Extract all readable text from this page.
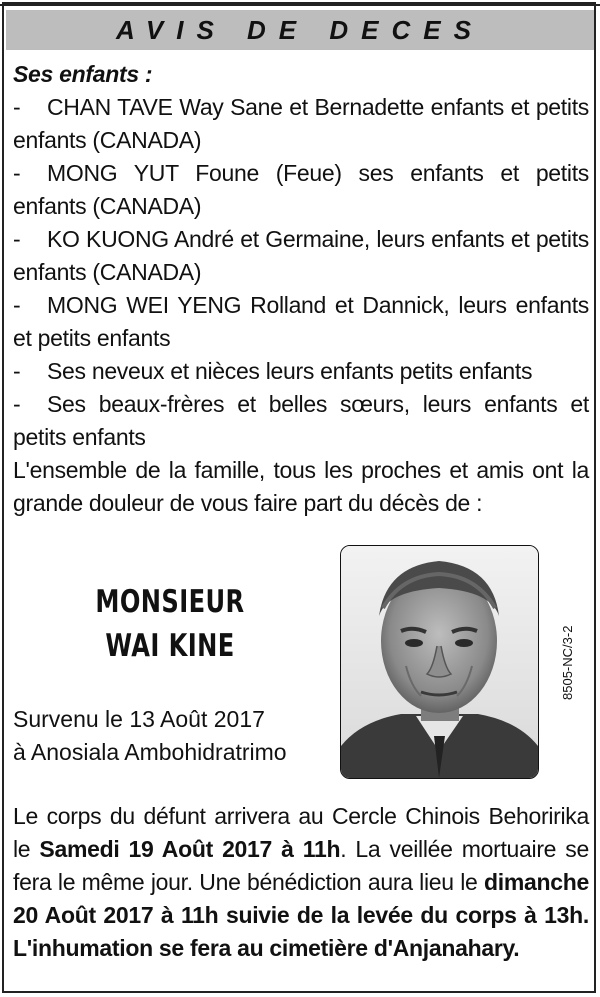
AVIS DE DECES
Ses enfants :
- CHAN TAVE Way Sane et Bernadette enfants et petits enfants (CANADA)
- MONG YUT Foune (Feue) ses enfants et petits enfants (CANADA)
- KO KUONG André et Germaine, leurs enfants et petits enfants (CANADA)
- MONG WEI YENG Rolland et Dannick, leurs enfants et petits enfants
- Ses neveux et nièces leurs enfants petits enfants
- Ses beaux-frères et belles sœurs, leurs enfants et petits enfants
L'ensemble de la famille, tous les proches et amis ont la grande douleur de vous faire part du décès de :
MONSIEUR
WAI KINE
Survenu le 13 Août 2017
à Anosiala Ambohidratrimo
8505-NC/3-2
Le corps du défunt arrivera au Cercle Chinois Behoririka le Samedi 19 Août 2017 à 11h. La veillée mortuaire se fera le même jour. Une bénédiction aura lieu le dimanche 20 Août 2017 à 11h suivie de la levée du corps à 13h. L'inhumation se fera au cimetière d'Anjanahary.
